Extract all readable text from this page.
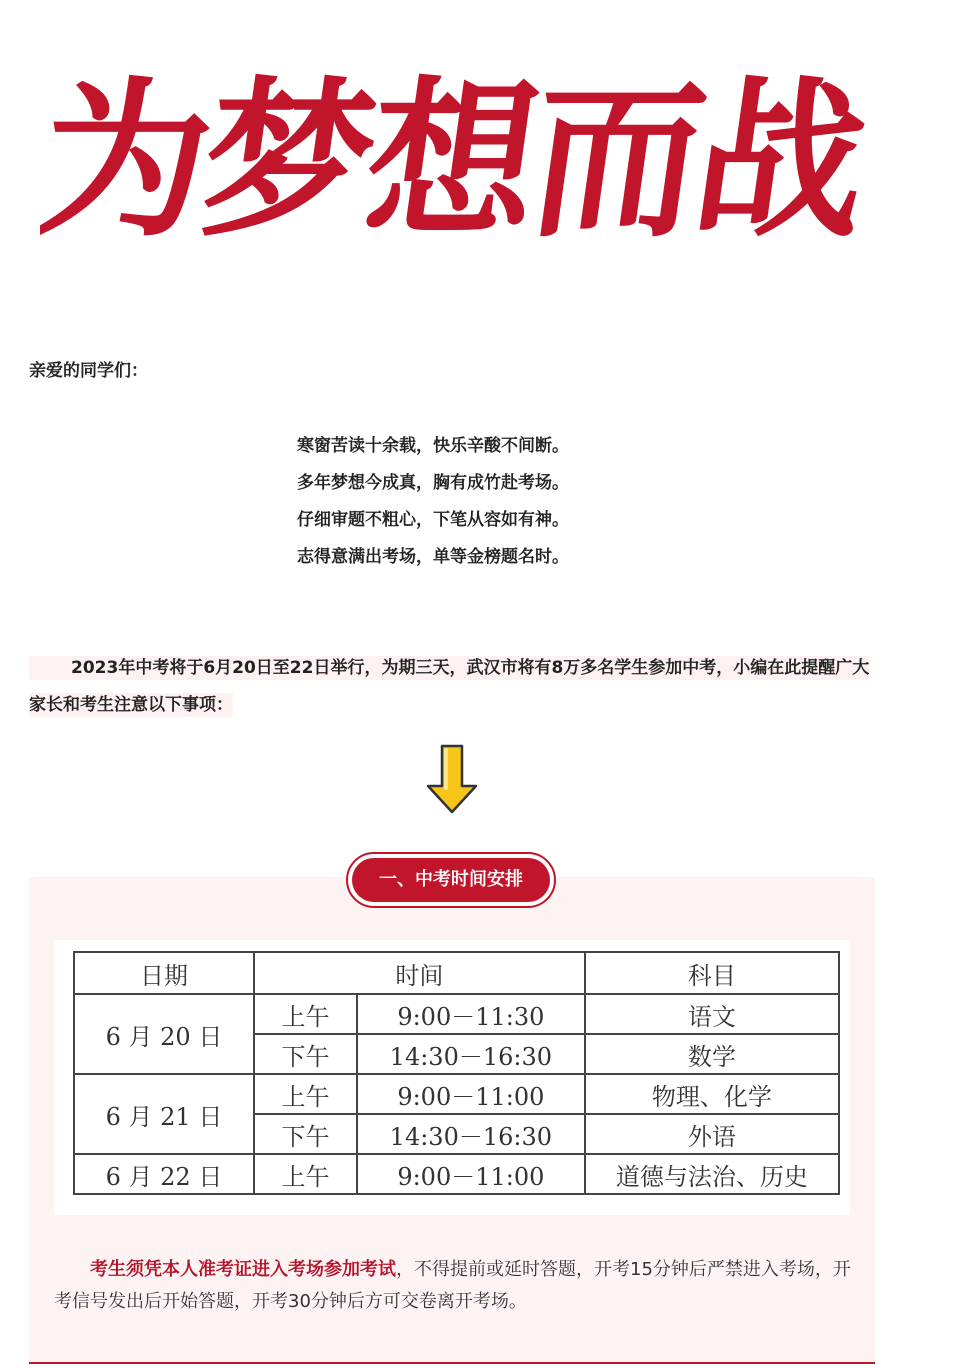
为梦想而战
亲爱的同学们：
寒窗苦读十余载，快乐辛酸不间断。
多年梦想今成真，胸有成竹赴考场。
仔细审题不粗心，下笔从容如有神。
志得意满出考场，单等金榜题名时。
2023年中考将于6月20日至22日举行，为期三天，武汉市将有8万多名学生参加中考，小编在此提醒广大家长和考生注意以下事项：
一、中考时间安排
日期	时间		科目
6 月 20 日	上午	9:00－11:30	语文
	下午	14:30－16:30	数学
6 月 21 日	上午	9:00－11:00	物理、化学
	下午	14:30－16:30	外语
6 月 22 日	上午	9:00－11:00	道德与法治、历史
考生须凭本人准考证进入考场参加考试，不得提前或延时答题，开考15分钟后严禁进入考场，开考信号发出后开始答题，开考30分钟后方可交卷离开考场。
